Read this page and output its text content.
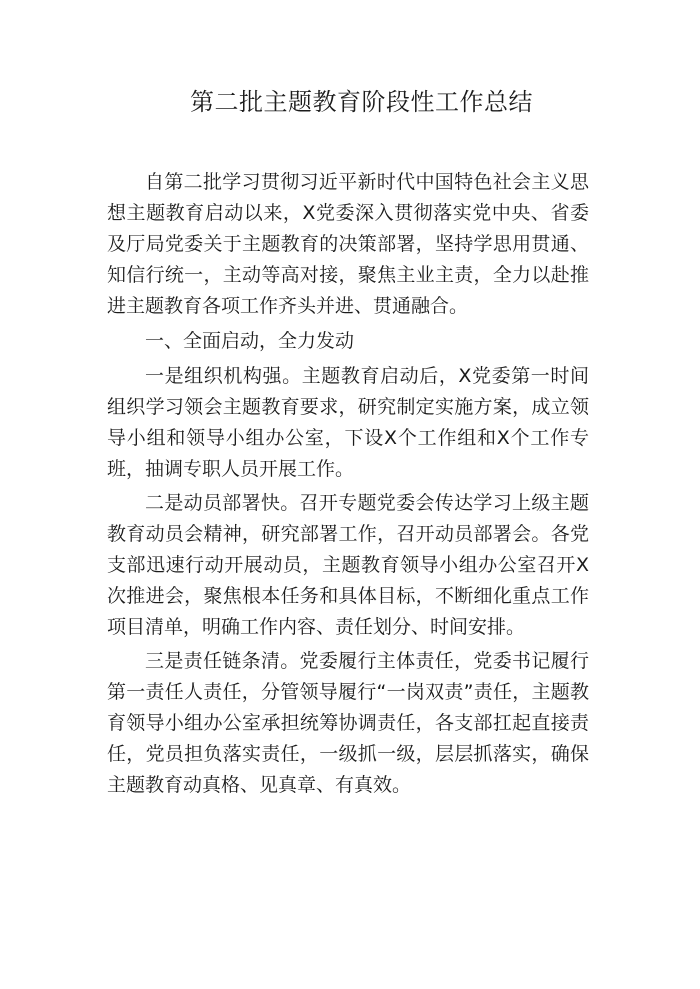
第二批主题教育阶段性工作总结

自第二批学习贯彻习近平新时代中国特色社会主义思想主题教育启动以来，X党委深入贯彻落实党中央、省委及厅局党委关于主题教育的决策部署，坚持学思用贯通、知信行统一，主动等高对接，聚焦主业主责，全力以赴推进主题教育各项工作齐头并进、贯通融合。

一、全面启动，全力发动

一是组织机构强。主题教育启动后，X党委第一时间组织学习领会主题教育要求，研究制定实施方案，成立领导小组和领导小组办公室，下设X个工作组和X个工作专班，抽调专职人员开展工作。

二是动员部署快。召开专题党委会传达学习上级主题教育动员会精神，研究部署工作，召开动员部署会。各党支部迅速行动开展动员，主题教育领导小组办公室召开X次推进会，聚焦根本任务和具体目标，不断细化重点工作项目清单，明确工作内容、责任划分、时间安排。

三是责任链条清。党委履行主体责任，党委书记履行第一责任人责任，分管领导履行“一岗双责”责任，主题教育领导小组办公室承担统筹协调责任，各支部扛起直接责任，党员担负落实责任，一级抓一级，层层抓落实，确保主题教育动真格、见真章、有真效。
